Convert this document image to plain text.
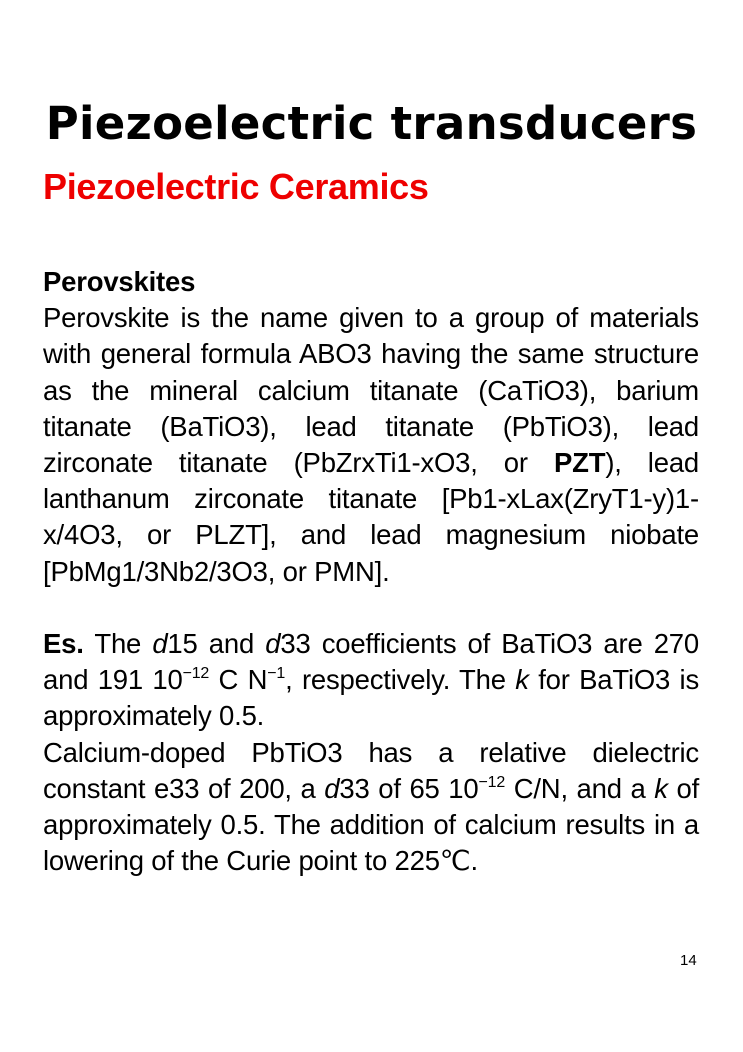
Piezoelectric transducers
Piezoelectric Ceramics

Perovskites

Perovskite is the name given to a group of materials with general formula ABO3 having the same structure as the mineral calcium titanate (CaTiO3), barium titanate (BaTiO3), lead titanate (PbTiO3), lead zirconate titanate (PbZrxTi1-xO3, or PZT), lead lanthanum zirconate titanate [Pb1-xLax(ZryT1-y)1-x/4O3, or PLZT], and lead magnesium niobate [PbMg1/3Nb2/3O3, or PMN].

Es. The d15 and d33 coefficients of BaTiO3 are 270 and 191 $10^{-12}$ C $N^{-1}$, respectively. The k for BaTiO3 is approximately 0.5.

Calcium-doped PbTiO3 has a relative dielectric constant e33 of 200, a d33 of 65 $10^{-12}$ C/N, and a k of approximately 0.5. The addition of calcium results in a lowering of the Curie point to 225℃.

14
